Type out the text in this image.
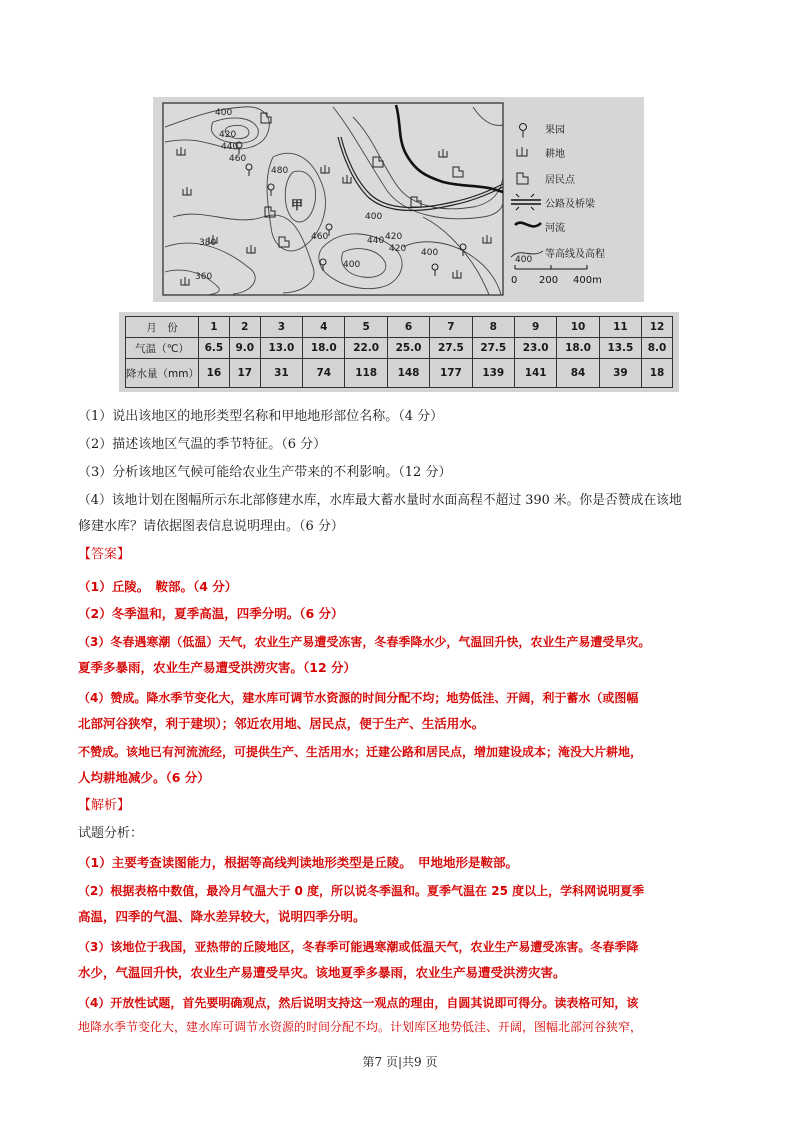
400
420
440
460
480
380
360
400
420
460	440
400
420 400
甲
果园
耕地
居民点
公路及桥梁
河流
400 等高线及高程
0 200 400m
月　份	1	2	3	4	5	6	7	8	9	10	11	12
气温（℃）	6.5	9.0	13.0	18.0	22.0	25.0	27.5	27.5	23.0	18.0	13.5	8.0
降水量（mm）	16	17	31	74	118	148	177	139	141	84	39	18
（1）说出该地区的地形类型名称和甲地地形部位名称。（4 分）
（2）描述该地区气温的季节特征。（6 分）
（3）分析该地区气候可能给农业生产带来的不利影响。（12 分）
（4）该地计划在图幅所示东北部修建水库，水库最大蓄水量时水面高程不超过 390 米。你是否赞成在该地
修建水库？请依据图表信息说明理由。（6 分）
【答案】
（1）丘陵。　鞍部。（4 分）
（2）冬季温和，夏季高温，四季分明。（6 分）
（3）冬春遇寒潮（低温）天气，农业生产易遭受冻害，冬春季降水少，气温回升快，农业生产易遭受旱灾。
夏季多暴雨，农业生产易遭受洪涝灾害。（12 分）
（4）赞成。降水季节变化大，建水库可调节水资源的时间分配不均；地势低洼、开阔，利于蓄水（或图幅
北部河谷狭窄，利于建坝）；邻近农用地、居民点，便于生产、生活用水。
不赞成。该地已有河流流经，可提供生产、生活用水；迁建公路和居民点，增加建设成本；淹没大片耕地，
人均耕地减少。（6 分）
【解析】
试题分析：
（1）主要考查读图能力，根据等高线判读地形类型是丘陵。　甲地地形是鞍部。
（2）根据表格中数值，最冷月气温大于 0 度，所以说冬季温和。夏季气温在 25 度以上，学科网说明夏季
高温，四季的气温、降水差异较大，说明四季分明。
（3）该地位于我国，亚热带的丘陵地区，冬春季可能遇寒潮或低温天气，农业生产易遭受冻害。冬春季降
水少，气温回升快，农业生产易遭受旱灾。该地夏季多暴雨，农业生产易遭受洪涝灾害。
（4）开放性试题，首先要明确观点，然后说明支持这一观点的理由，自圆其说即可得分。读表格可知，该
地降水季节变化大，建水库可调节水资源的时间分配不均。计划库区地势低洼、开阔，图幅北部河谷狭窄，
第7 页|共9 页
